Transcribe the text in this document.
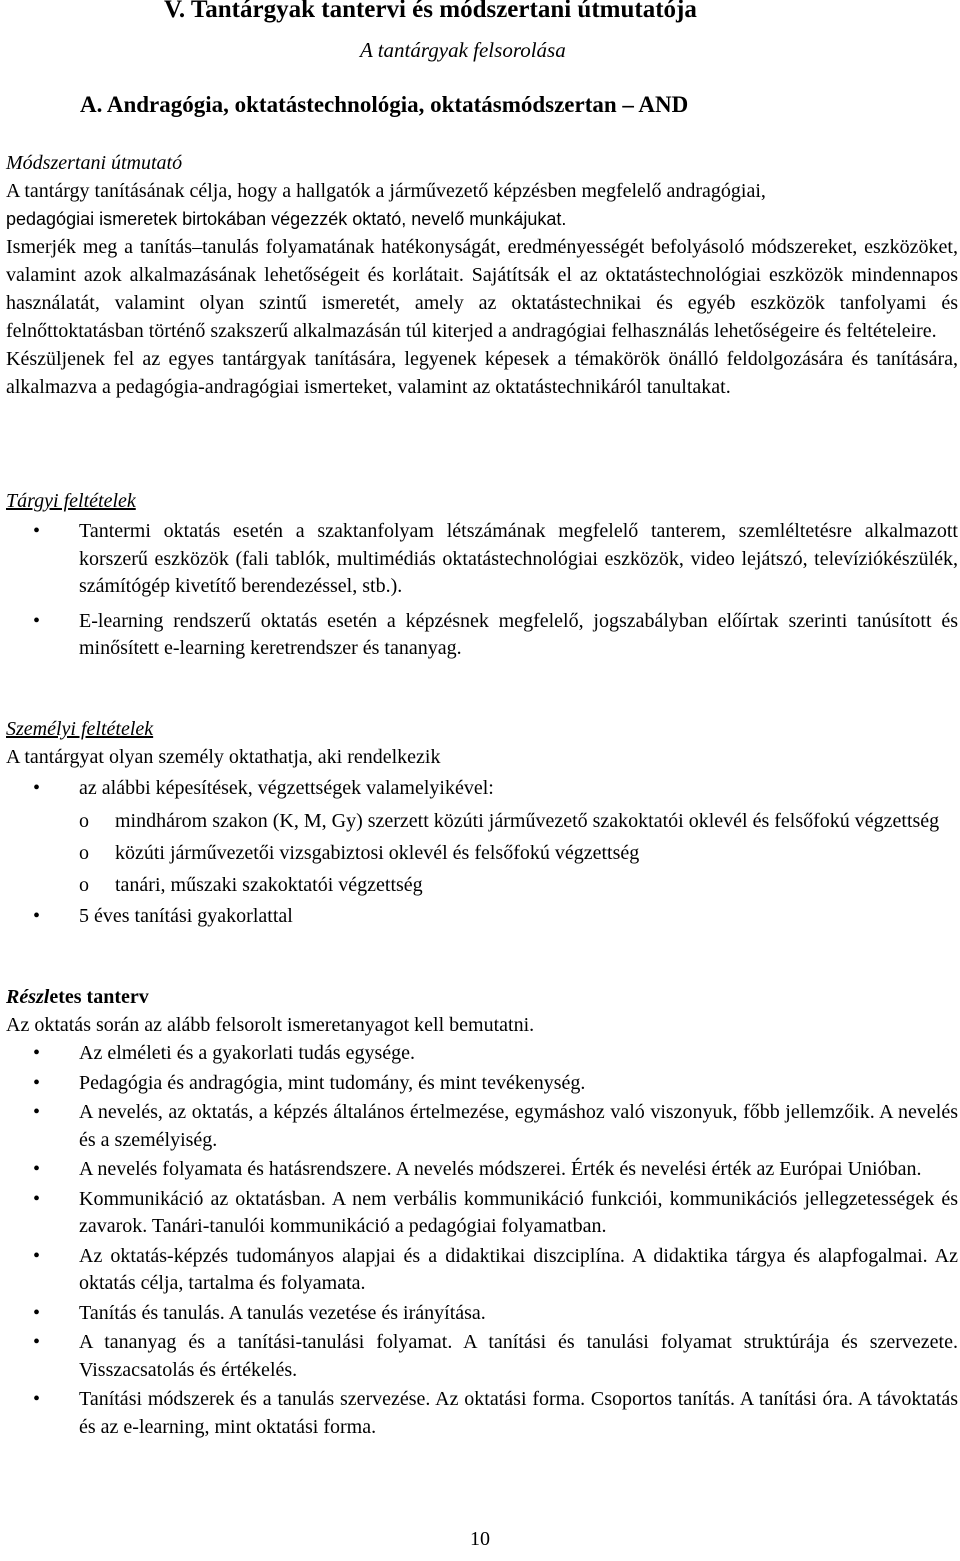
V. Tantárgyak tantervi és módszertani útmutatója
A tantárgyak felsorolása
A. Andragógia, oktatástechnológia, oktatásmódszertan – AND
Módszertani útmutató
A tantárgy tanításának célja, hogy a hallgatók a járművezető képzésben megfelelő andragógiai,
pedagógiai ismeretek birtokában végezzék oktató, nevelő munkájukat.
Ismerjék meg a tanítás–tanulás folyamatának hatékonyságát, eredményességét befolyásoló módszereket, eszközöket, valamint azok alkalmazásának lehetőségeit és korlátait. Sajátítsák el az oktatástechnológiai eszközök mindennapos használatát, valamint olyan szintű ismeretét, amely az oktatástechnikai és egyéb eszközök tanfolyami és felnőttoktatásban történő szakszerű alkalmazásán túl kiterjed a andragógiai felhasználás lehetőségeire és feltételeire.
Készüljenek fel az egyes tantárgyak tanítására, legyenek képesek a témakörök önálló feldolgozására és tanítására, alkalmazva a pedagógia-andragógiai ismerteket, valamint az oktatástechnikáról tanultakat.
Tárgyi feltételek
• Tantermi oktatás esetén a szaktanfolyam létszámának megfelelő tanterem, szemléltetésre alkalmazott korszerű eszközök (fali tablók, multimédiás oktatástechnológiai eszközök, video lejátszó, televíziókészülék, számítógép kivetítő berendezéssel, stb.).
• E-learning rendszerű oktatás esetén a képzésnek megfelelő, jogszabályban előírtak szerinti tanúsított és minősített e-learning keretrendszer és tananyag.
Személyi feltételek
A tantárgyat olyan személy oktathatja, aki rendelkezik
• az alábbi képesítések, végzettségek valamelyikével:
o mindhárom szakon (K, M, Gy) szerzett közúti járművezető szakoktatói oklevél és felsőfokú végzettség
o közúti járművezetői vizsgabiztosi oklevél és felsőfokú végzettség
o tanári, műszaki szakoktatói végzettség
• 5 éves tanítási gyakorlattal
Részletes tanterv
Az oktatás során az alább felsorolt ismeretanyagot kell bemutatni.
• Az elméleti és a gyakorlati tudás egysége.
• Pedagógia és andragógia, mint tudomány, és mint tevékenység.
• A nevelés, az oktatás, a képzés általános értelmezése, egymáshoz való viszonyuk, főbb jellemzőik. A nevelés és a személyiség.
• A nevelés folyamata és hatásrendszere. A nevelés módszerei. Érték és nevelési érték az Európai Unióban.
• Kommunikáció az oktatásban. A nem verbális kommunikáció funkciói, kommunikációs jellegzetességek és zavarok. Tanári-tanulói kommunikáció a pedagógiai folyamatban.
• Az oktatás-képzés tudományos alapjai és a didaktikai diszciplína. A didaktika tárgya és alapfogalmai. Az oktatás célja, tartalma és folyamata.
• Tanítás és tanulás. A tanulás vezetése és irányítása.
• A tananyag és a tanítási-tanulási folyamat. A tanítási és tanulási folyamat struktúrája és szervezete. Visszacsatolás és értékelés.
• Tanítási módszerek és a tanulás szervezése. Az oktatási forma. Csoportos tanítás. A tanítási óra. A távoktatás és az e-learning, mint oktatási forma.
10
